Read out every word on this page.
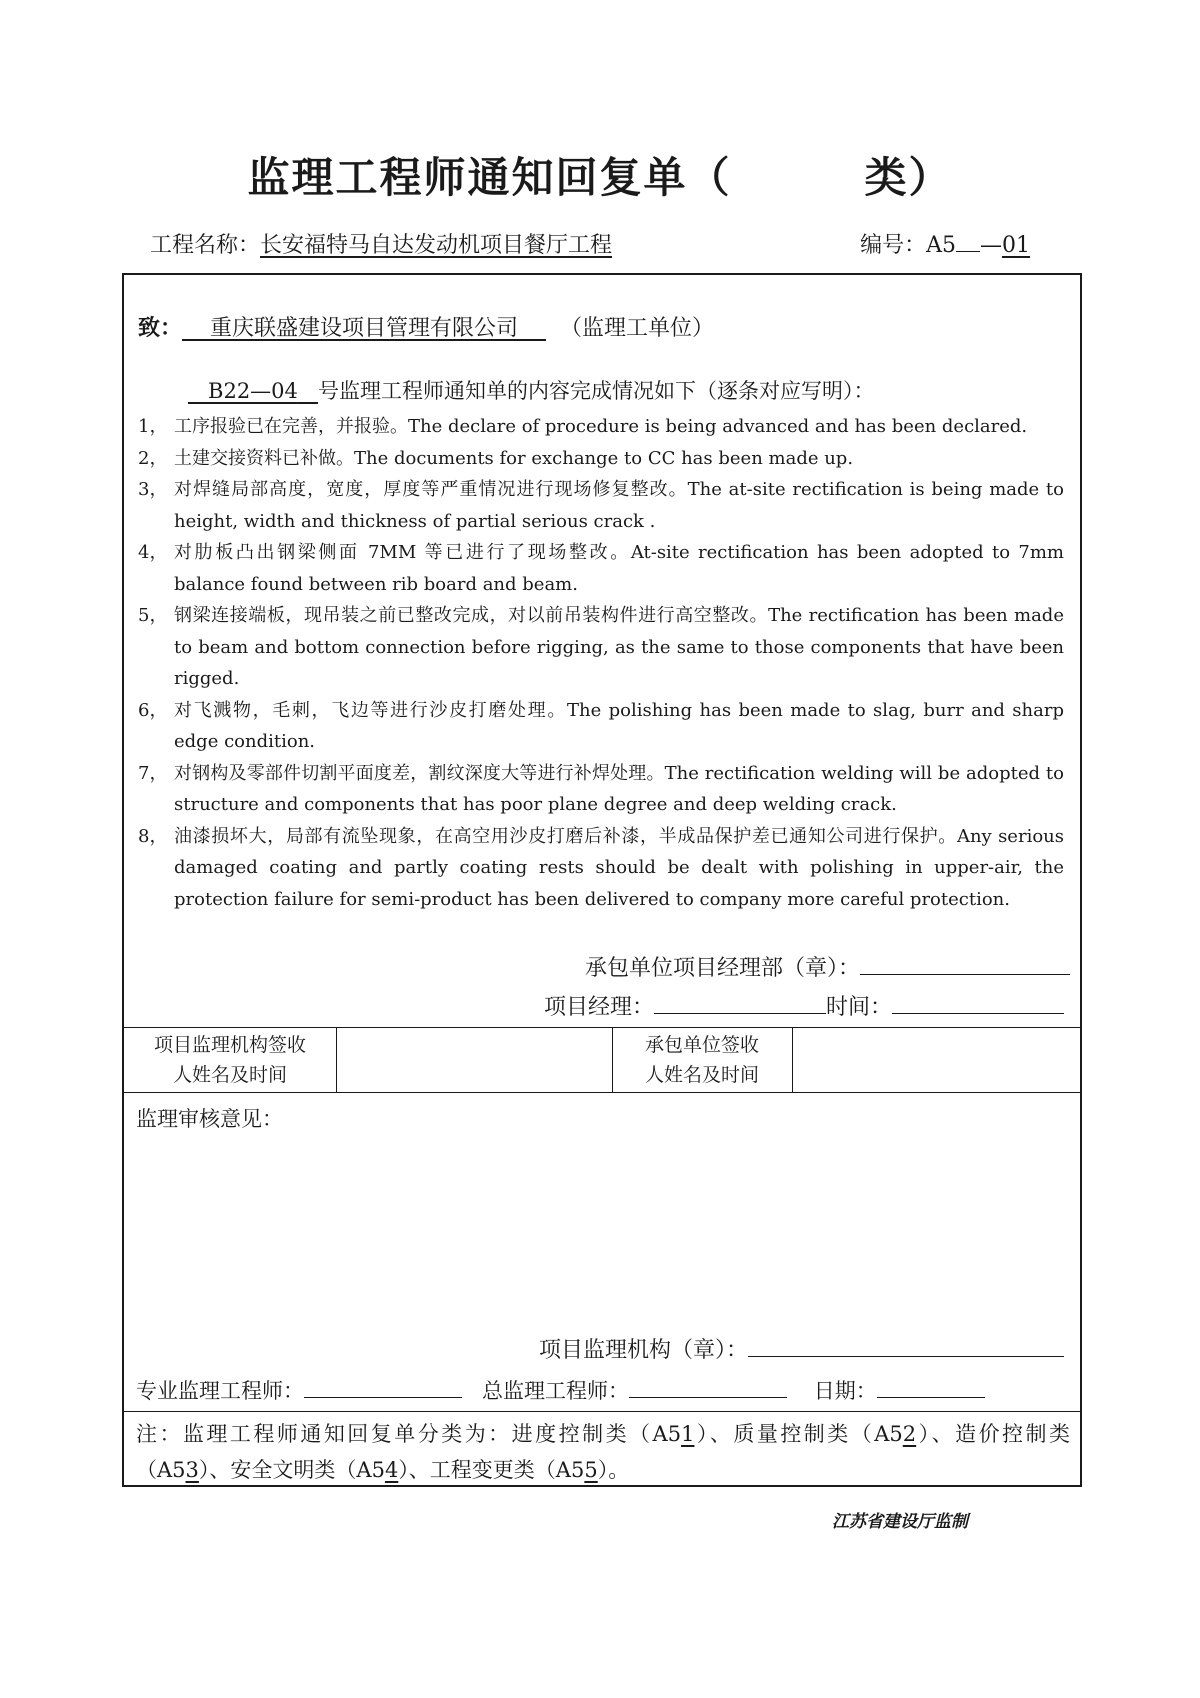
监理工程师通知回复单（        类）
工程名称：长安福特马自达发动机项目餐厅工程	编号：A5 —01
致： 重庆联盛建设项目管理有限公司 （监理工单位）
B22—04 号监理工程师通知单的内容完成情况如下（逐条对应写明）：
1， 工序报验已在完善，并报验。The declare of procedure is being advanced and has been declared.
2， 土建交接资料已补做。The documents for exchange to CC has been made up.
3， 对焊缝局部高度，宽度，厚度等严重情况进行现场修复整改。The at-site rectification is being made to height, width and thickness of partial serious crack .
4， 对肋板凸出钢梁侧面 7MM 等已进行了现场整改。At-site rectification has been adopted to 7mm balance found between rib board and beam.
5， 钢梁连接端板，现吊装之前已整改完成，对以前吊装构件进行高空整改。The rectification has been made to beam and bottom connection before rigging, as the same to those components that have been rigged.
6， 对飞溅物，毛刺，飞边等进行沙皮打磨处理。The polishing has been made to slag, burr and sharp edge condition.
7， 对钢构及零部件切割平面度差，割纹深度大等进行补焊处理。The rectification welding will be adopted to structure and components that has poor plane degree and deep welding crack.
8， 油漆损坏大，局部有流坠现象，在高空用沙皮打磨后补漆，半成品保护差已通知公司进行保护。Any serious damaged coating and partly coating rests should be dealt with polishing in upper-air, the protection failure for semi-product has been delivered to company more careful protection.
承包单位项目经理部（章）：
项目经理：	时间：
项目监理机构签收人姓名及时间
承包单位签收人姓名及时间
监理审核意见：
项目监理机构（章）：
专业监理工程师：	总监理工程师：	日期：
注：监理工程师通知回复单分类为：进度控制类（A51）、质量控制类（A52）、造价控制类（A53）、安全文明类（A54）、工程变更类（A55）。
江苏省建设厅监制
